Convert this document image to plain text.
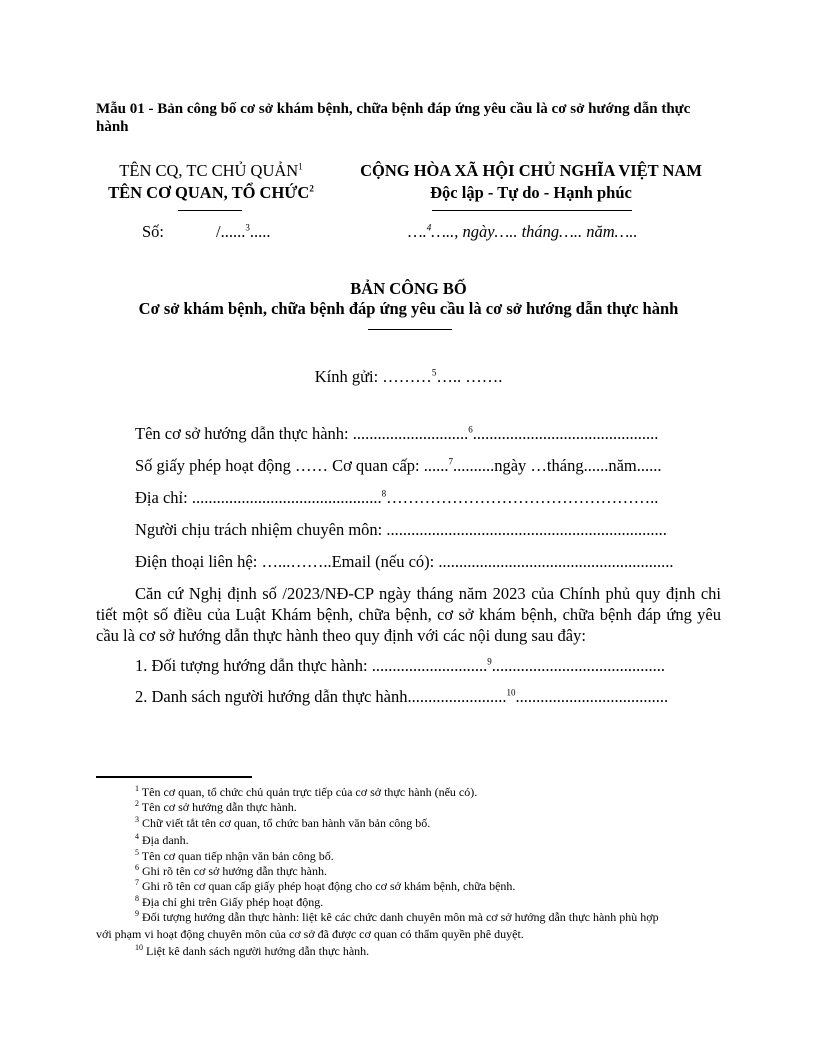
Mẫu 01 - Bản công bố cơ sở khám bệnh, chữa bệnh đáp ứng yêu cầu là cơ sở hướng dẫn thực hành
TÊN CQ, TC CHỦ QUẢN$^1$
TÊN CƠ QUAN, TỔ CHỨC$^2$
Số:	/......$^3$.....
CỘNG HÒA XÃ HỘI CHỦ NGHĨA VIỆT NAM
Độc lập - Tự do - Hạnh phúc
….$^4$….., ngày….. tháng….. năm…..
BẢN CÔNG BỐ
Cơ sở khám bệnh, chữa bệnh đáp ứng yêu cầu là cơ sở hướng dẫn thực hành
Kính gửi: ………$^5$….. …….
Tên cơ sở hướng dẫn thực hành: ............................$^6$.............................................
Số giấy phép hoạt động …… Cơ quan cấp: ......$^7$..........ngày …tháng......năm......
Địa chỉ: ..............................................$^8$…………………………………………..
Người chịu trách nhiệm chuyên môn: ....................................................................
Điện thoại liên hệ: …...……..Email (nếu có): .........................................................
Căn cứ Nghị định số /2023/NĐ-CP ngày tháng năm 2023 của Chính phủ quy định chi tiết một số điều của Luật Khám bệnh, chữa bệnh, cơ sở khám bệnh, chữa bệnh đáp ứng yêu cầu là cơ sở hướng dẫn thực hành theo quy định với các nội dung sau đây:
1. Đối tượng hướng dẫn thực hành: ............................$^9$..........................................
2. Danh sách người hướng dẫn thực hành........................$^{10}$.....................................
$^1$ Tên cơ quan, tổ chức chủ quản trực tiếp của cơ sở thực hành (nếu có).
$^2$ Tên cơ sở hướng dẫn thực hành.
$^3$ Chữ viết tắt tên cơ quan, tổ chức ban hành văn bản công bố.
$^4$ Địa danh.
$^5$ Tên cơ quan tiếp nhận văn bản công bố.
$^6$ Ghi rõ tên cơ sở hướng dẫn thực hành.
$^7$ Ghi rõ tên cơ quan cấp giấy phép hoạt động cho cơ sở khám bệnh, chữa bệnh.
$^8$ Địa chỉ ghi trên Giấy phép hoạt động.
$^9$ Đối tượng hướng dẫn thực hành: liệt kê các chức danh chuyên môn mà cơ sở hướng dẫn thực hành phù hợp
với phạm vi hoạt động chuyên môn của cơ sở đã được cơ quan có thẩm quyền phê duyệt.
$^{10}$ Liệt kê danh sách người hướng dẫn thực hành.
